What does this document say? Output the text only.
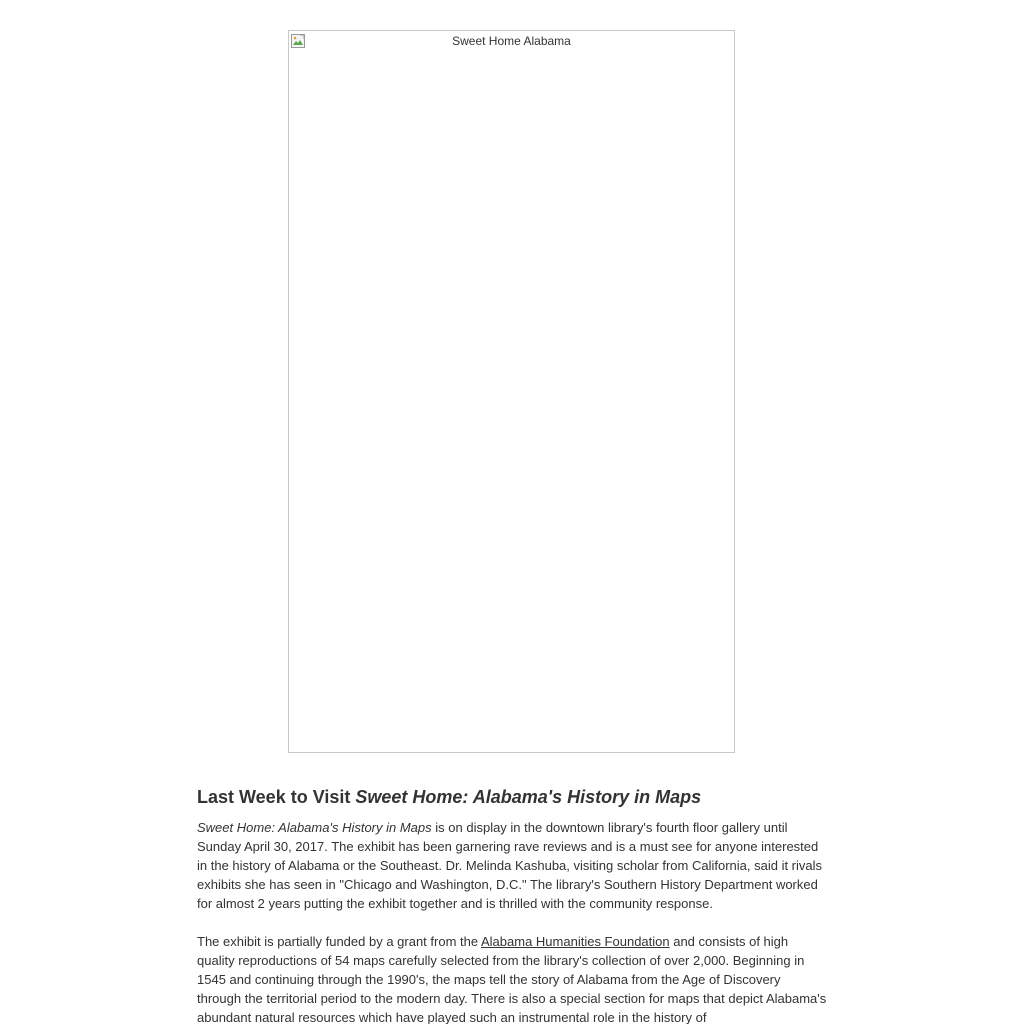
Sweet Home Alabama
Last Week to Visit Sweet Home: Alabama's History in Maps

Sweet Home: Alabama's History in Maps is on display in the downtown library's fourth floor gallery until Sunday April 30, 2017. The exhibit has been garnering rave reviews and is a must see for anyone interested in the history of Alabama or the Southeast. Dr. Melinda Kashuba, visiting scholar from California, said it rivals exhibits she has seen in "Chicago and Washington, D.C." The library's Southern History Department worked for almost 2 years putting the exhibit together and is thrilled with the community response.

The exhibit is partially funded by a grant from the Alabama Humanities Foundation and consists of high quality reproductions of 54 maps carefully selected from the library's collection of over 2,000. Beginning in 1545 and continuing through the 1990's, the maps tell the story of Alabama from the Age of Discovery through the territorial period to the modern day. There is also a special section for maps that depict Alabama's abundant natural resources which have played such an instrumental role in the history of
